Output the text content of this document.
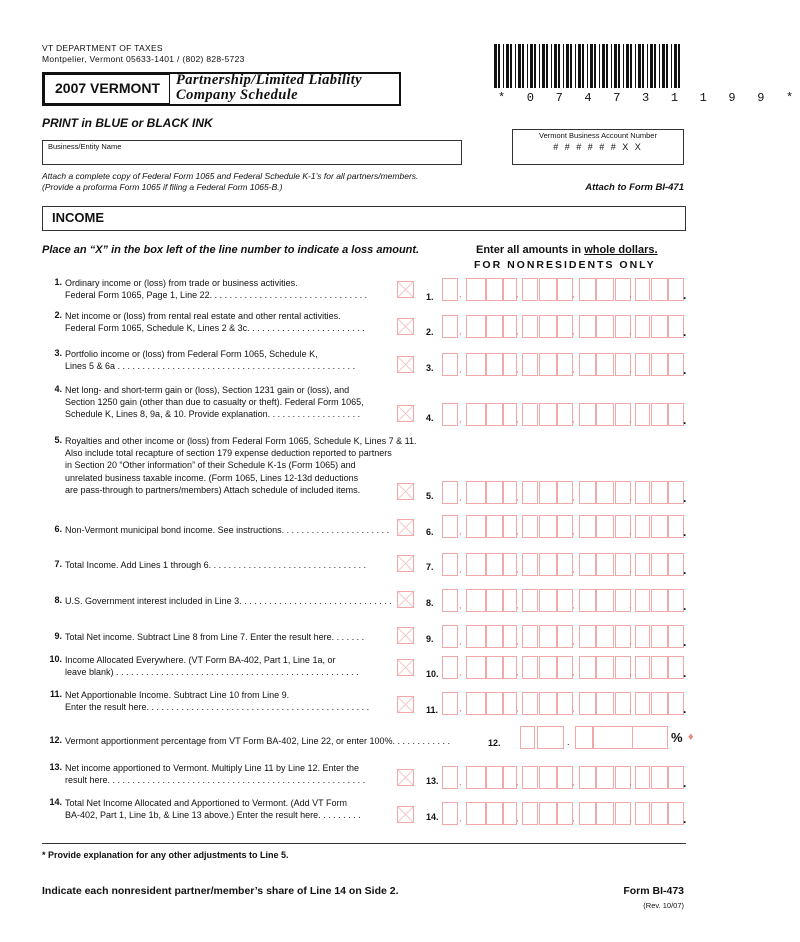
VT DEPARTMENT OF TAXES
Montpelier, Vermont 05633-1401 / (802) 828-5723
2007 VERMONT	Partnership/Limited Liability
Company Schedule	* 0 7 4 7 3 1 1 9 9 *
PRINT in BLUE or BLACK INK
Business/Entity Name
Vermont Business Account Number
# # # # # # X X
Attach a complete copy of Federal Form 1065 and Federal Schedule K-1’s for all partners/members.
(Provide a proforma Form 1065 if filing a Federal Form 1065-B.)	Attach to Form BI-471
INCOME
Place an “X” in the box left of the line number to indicate a loss amount.	Enter all amounts in whole dollars.
FOR NONRESIDENTS ONLY
1. Ordinary income or (loss) from trade or business activities.
Federal Form 1065, Page 1, Line 22. . . . . . . . . . . . . . . . . . . . . . . . . . . . . . . .	1.	,	,	,	,	.
2. Net income or (loss) from rental real estate and other rental activities.
Federal Form 1065, Schedule K, Lines 2 & 3c. . . . . . . . . . . . . . . . . . . . . . . .	2.	,	,	,	,	.
3. Portfolio income or (loss) from Federal Form 1065, Schedule K,
Lines 5 & 6a . . . . . . . . . . . . . . . . . . . . . . . . . . . . . . . . . . . . . . . . . . . . . . . .	3.	,	,	,	,	.
4. Net long- and short-term gain or (loss), Section 1231 gain or (loss), and
Section 1250 gain (other than due to casualty or theft). Federal Form 1065,
Schedule K, Lines 8, 9a, & 10. Provide explanation. . . . . . . . . . . . . . . . . . .	4.	,	,	,	,	.
5. Royalties and other income or (loss) from Federal Form 1065, Schedule K, Lines 7 & 11.
Also include total recapture of section 179 expense deduction reported to partners
in Section 20 “Other information” of their Schedule K-1s (Form 1065) and
unrelated business taxable income. (Form 1065, Lines 12-13d deductions
are pass-through to partners/members) Attach schedule of included items.
5.	,	,	,	,	.
6. Non-Vermont municipal bond income. See instructions. . . . . . . . . . . . . . . . . . . . . .	6.	,	,	,	,	.
7. Total Income. Add Lines 1 through 6. . . . . . . . . . . . . . . . . . . . . . . . . . . . . . . .	7.	,	,	,	,	.
8. U.S. Government interest included in Line 3. . . . . . . . . . . . . . . . . . . . . . . . . . . . . . .	8.	,	,	,	,	.
9. Total Net income. Subtract Line 8 from Line 7. Enter the result here. . . . . . .	9.	,	,	,	,	.
10. Income Allocated Everywhere. (VT Form BA-402, Part 1, Line 1a, or
leave blank) . . . . . . . . . . . . . . . . . . . . . . . . . . . . . . . . . . . . . . . . . . . . . . . . .	10. ,	,	,	,	.
11. Net Apportionable Income. Subtract Line 10 from Line 9.
Enter the result here. . . . . . . . . . . . . . . . . . . . . . . . . . . . . . . . . . . . . . . . . . . . .	11. ,	,	,	,	.
12. Vermont apportionment percentage from VT Form BA-402, Line 22, or enter 100%. . . . . . . . . . . .	12.	.	% ♦
13. Net income apportioned to Vermont. Multiply Line 11 by Line 12. Enter the
result here. . . . . . . . . . . . . . . . . . . . . . . . . . . . . . . . . . . . . . . . . . . . . . . . . . . .	13. ,	,	,	,	.
14. Total Net Income Allocated and Apportioned to Vermont. (Add VT Form
BA-402, Part 1, Line 1b, & Line 13 above.) Enter the result here. . . . . . . . .	14. ,	,	,	,	.
* Provide explanation for any other adjustments to Line 5.
Indicate each nonresident partner/member’s share of Line 14 on Side 2.	Form BI-473
(Rev. 10/07)
